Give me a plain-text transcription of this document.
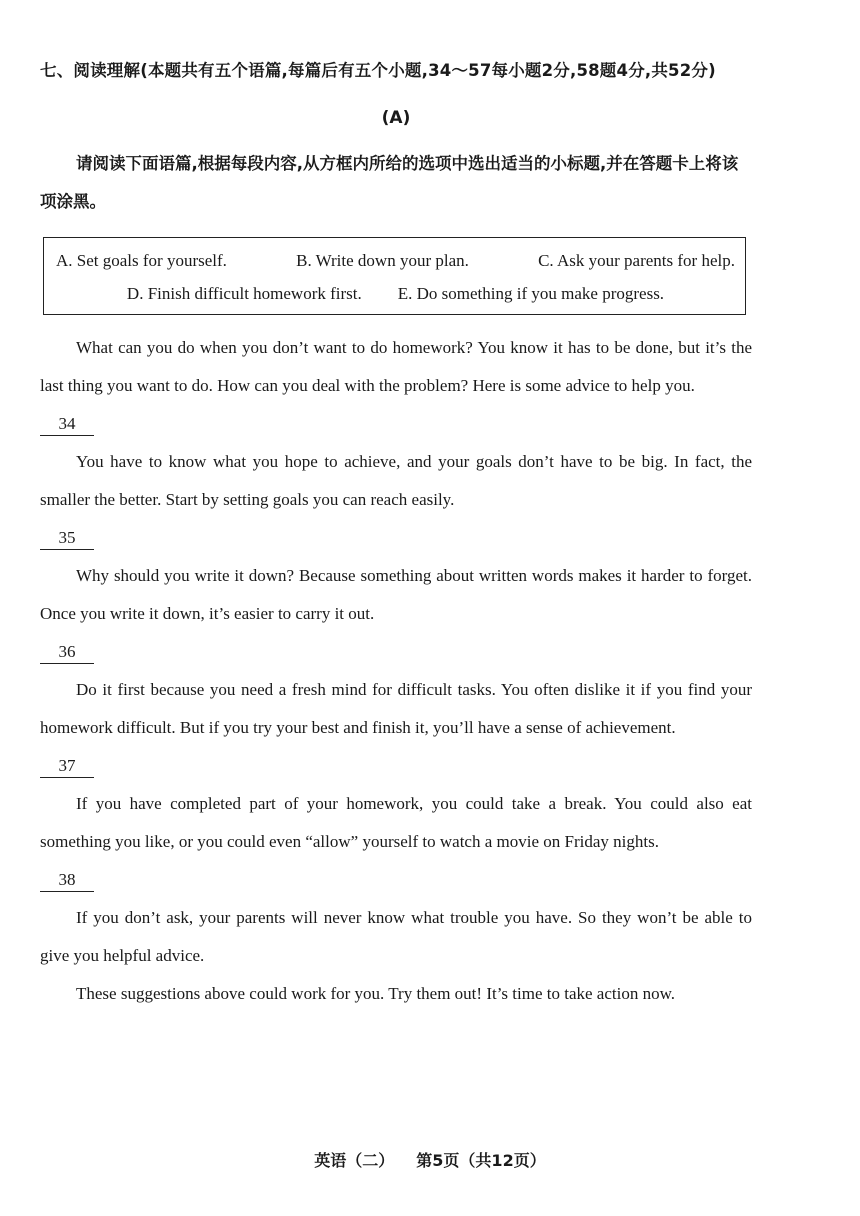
七、阅读理解(本题共有五个语篇,每篇后有五个小题,34～57每小题2分,58题4分,共52分)

(A)

请阅读下面语篇,根据每段内容,从方框内所给的选项中选出适当的小标题,并在答题卡上将该项涂黑。

A. Set goals for yourself.	B. Write down your plan.	C. Ask your parents for help.
D. Finish difficult homework first. E. Do something if you make progress.

What can you do when you don’t want to do homework? You know it has to be done, but it’s the last thing you want to do. How can you deal with the problem? Here is some advice to help you.

34

You have to know what you hope to achieve, and your goals don’t have to be big. In fact, the smaller the better. Start by setting goals you can reach easily.

35

Why should you write it down? Because something about written words makes it harder to forget. Once you write it down, it’s easier to carry it out.

36

Do it first because you need a fresh mind for difficult tasks. You often dislike it if you find your homework difficult. But if you try your best and finish it, you’ll have a sense of achievement.

37

If you have completed part of your homework, you could take a break. You could also eat something you like, or you could even “allow” yourself to watch a movie on Friday nights.

38

If you don’t ask, your parents will never know what trouble you have. So they won’t be able to give you helpful advice.

These suggestions above could work for you. Try them out! It’s time to take action now.

英语（二） 第5页（共12页）
